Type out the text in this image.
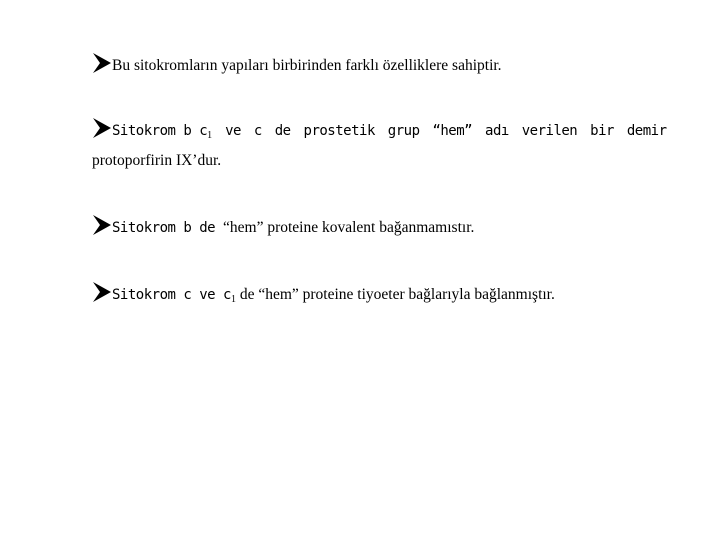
Bu sitokromların yapıları birbirinden farklı özelliklere sahiptir.
Sitokrom b $c_1$ ve c de prostetik grup “hem” adı verilen bir demir
protoporfirin IX’dur.
Sitokrom b de “hem” proteine kovalent bağanmamıstır.
Sitokrom c ve $c_1$ de “hem” proteine tiyoeter bağlarıyla bağlanmıştır.
